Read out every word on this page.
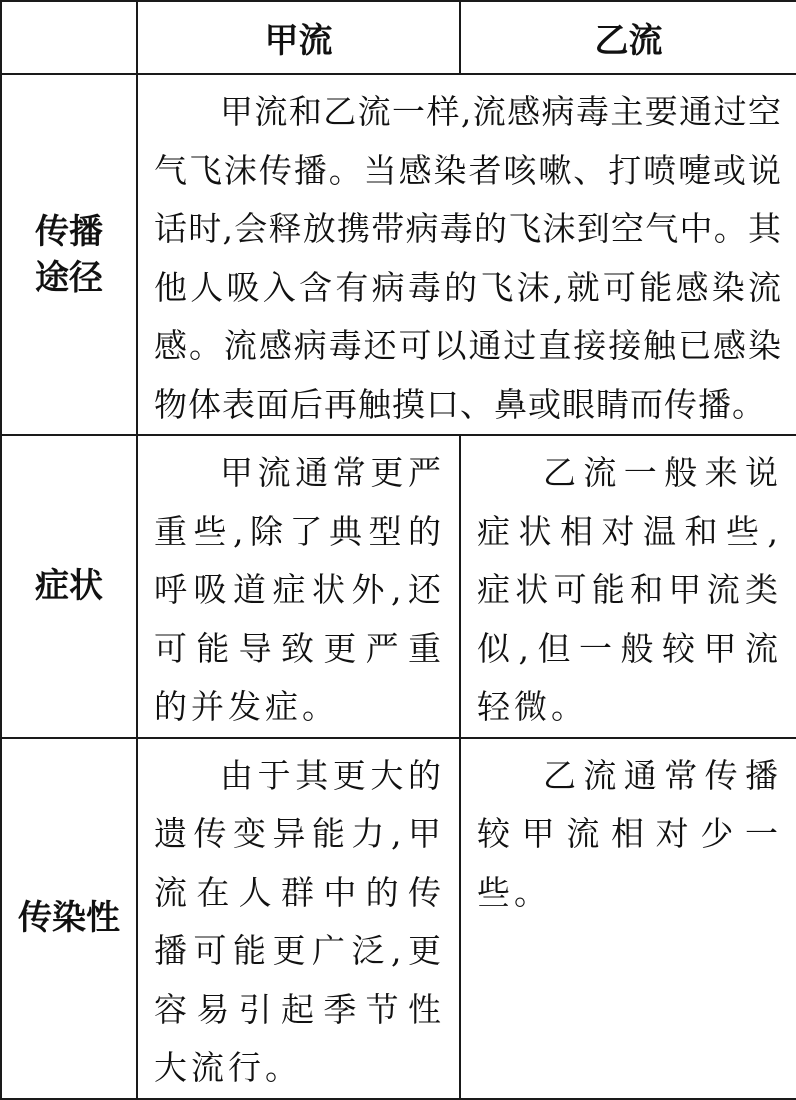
	甲流	乙流
传播
途径	甲流和乙流一样,流感病毒主要通过空气飞沫传播。当感染者咳嗽、打喷嚏或说话时,会释放携带病毒的飞沫到空气中。其他人吸入含有病毒的飞沫,就可能感染流感。流感病毒还可以通过直接接触已感染物体表面后再触摸口、鼻或眼睛而传播。	
症状	甲流通常更严重些,除了典型的呼吸道症状外,还可能导致更严重的并发症。	乙流一般来说症状相对温和些,症状可能和甲流类似,但一般较甲流轻微。
传染性	由于其更大的遗传变异能力,甲流在人群中的传播可能更广泛,更容易引起季节性大流行。	乙流通常传播较甲流相对少一些。
